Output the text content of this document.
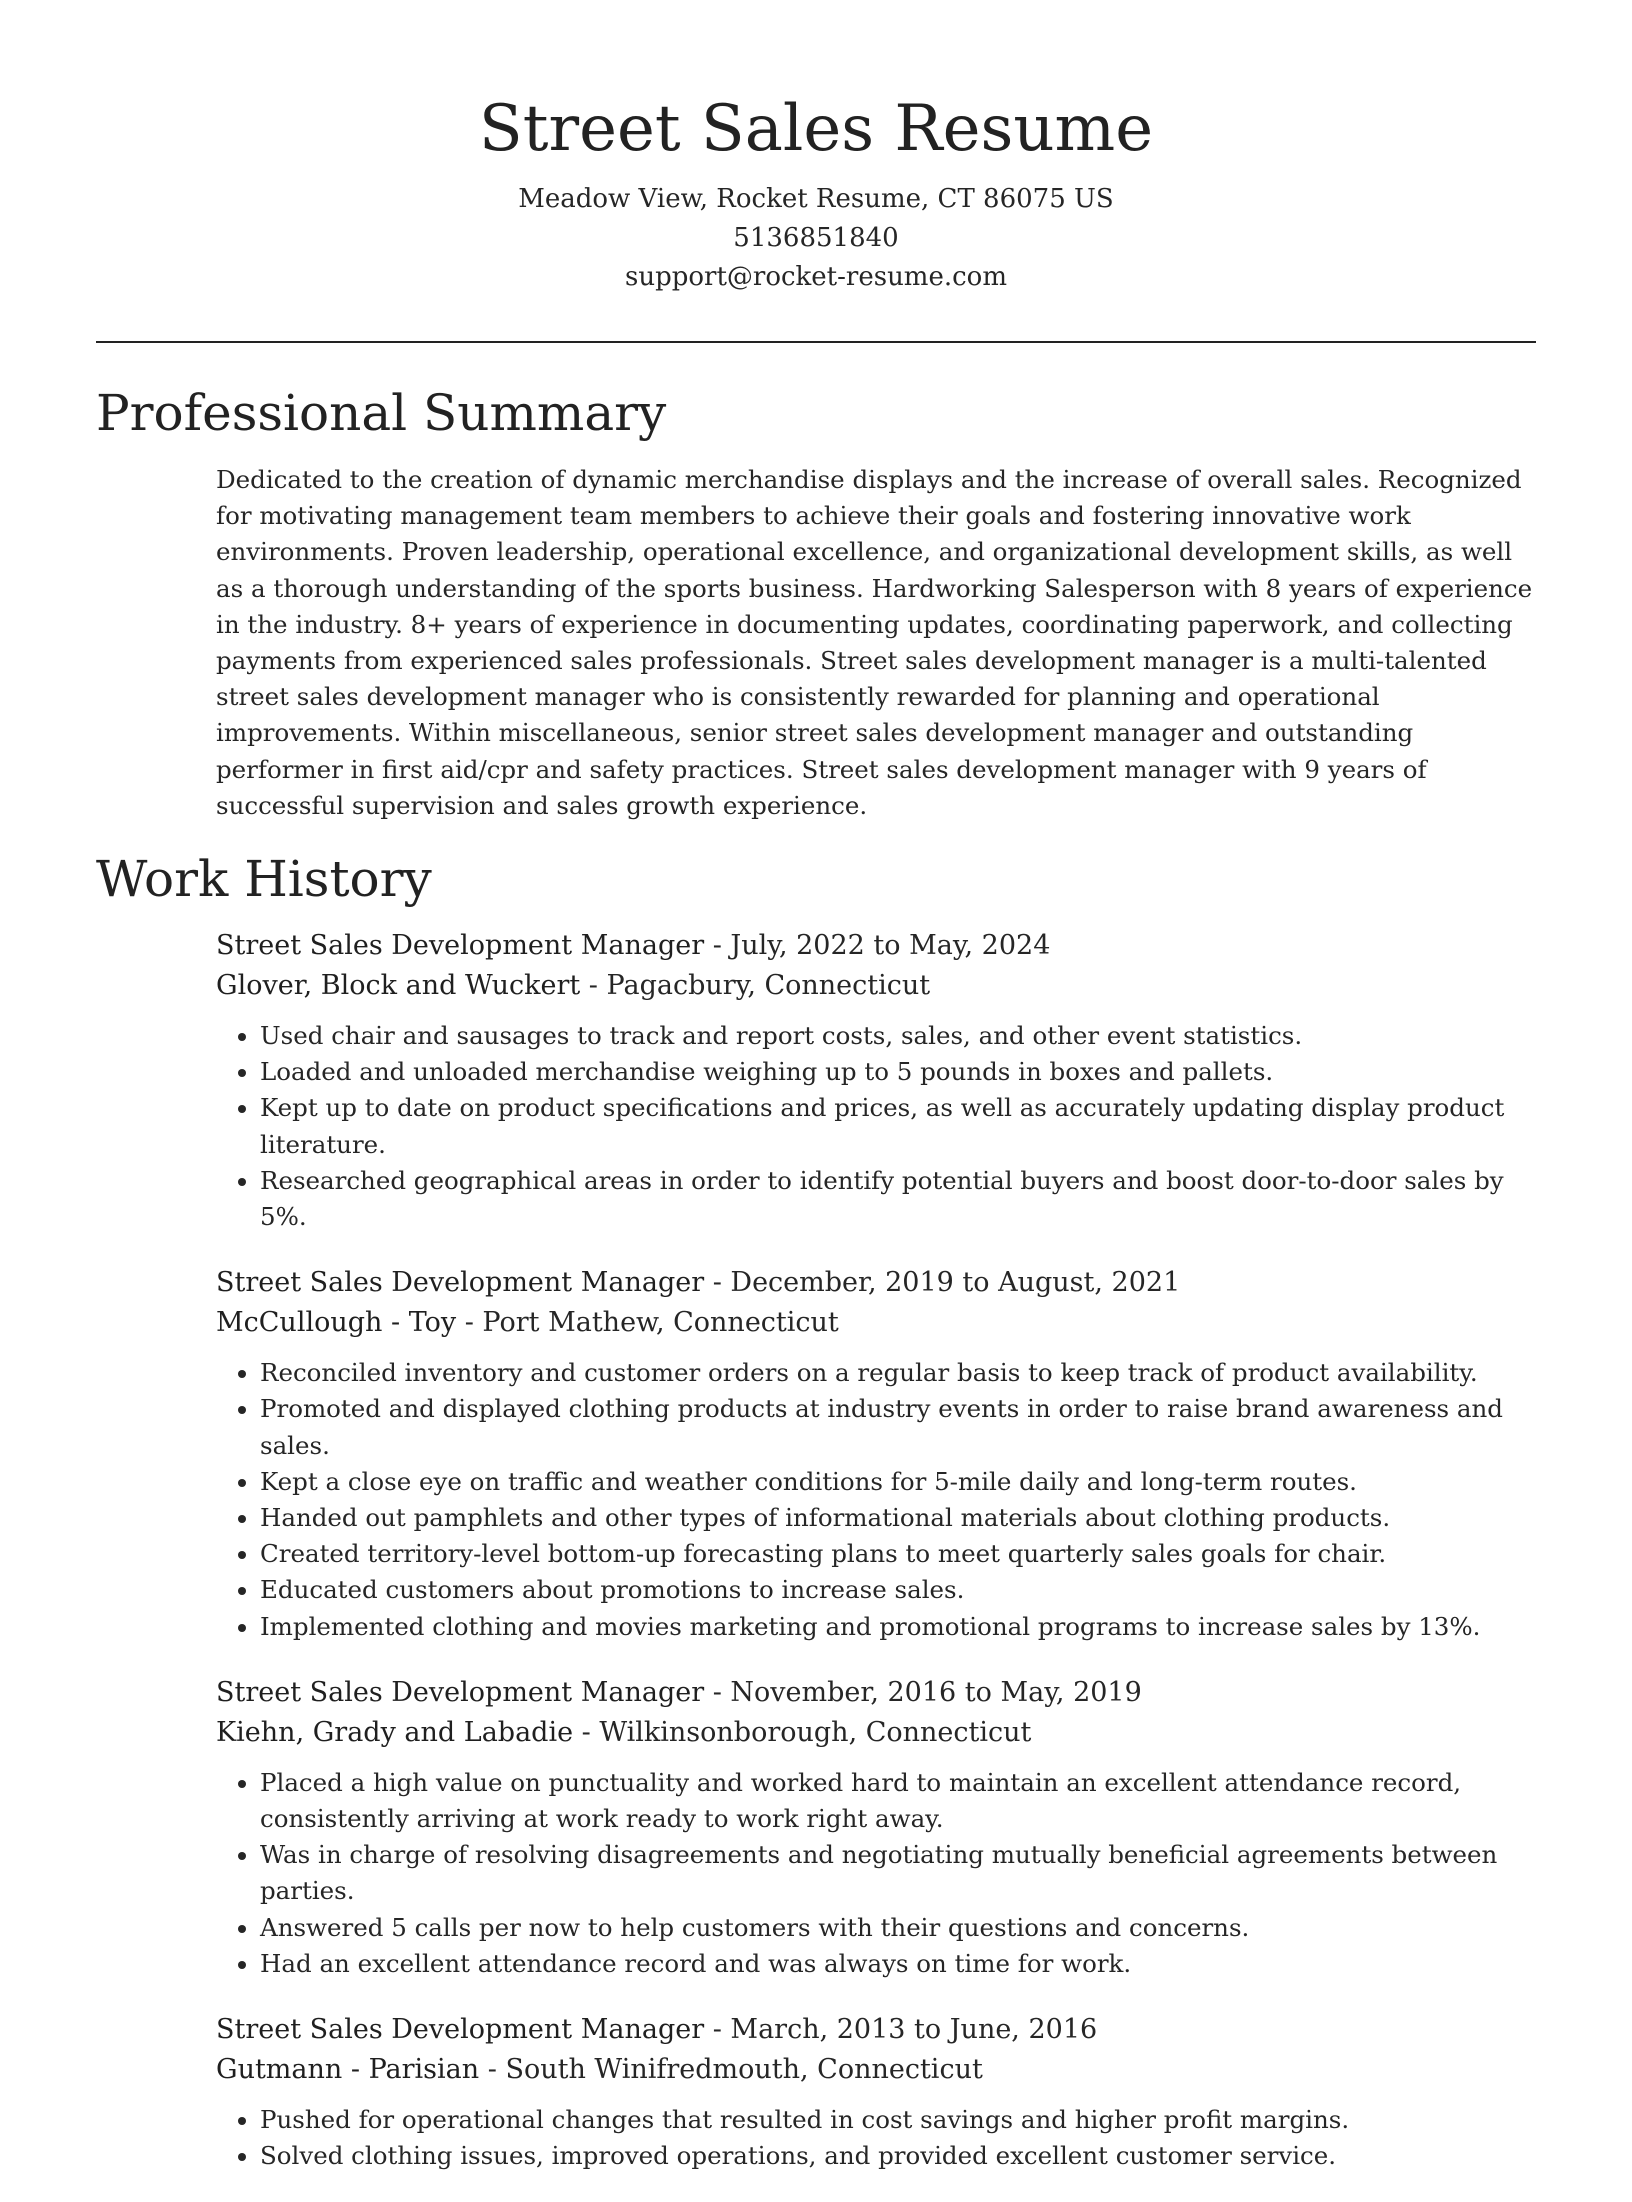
Street Sales Resume

Meadow View, Rocket Resume, CT 86075 US

5136851840

support@rocket-resume.com

Professional Summary

Dedicated to the creation of dynamic merchandise displays and the increase of overall sales. Recognized for motivating management team members to achieve their goals and fostering innovative work environments. Proven leadership, operational excellence, and organizational development skills, as well as a thorough understanding of the sports business. Hardworking Salesperson with 8 years of experience in the industry. 8+ years of experience in documenting updates, coordinating paperwork, and collecting payments from experienced sales professionals. Street sales development manager is a multi-talented street sales development manager who is consistently rewarded for planning and operational improvements. Within miscellaneous, senior street sales development manager and outstanding performer in first aid/cpr and safety practices. Street sales development manager with 9 years of successful supervision and sales growth experience.

Work History

Street Sales Development Manager - July, 2022 to May, 2024

Glover, Block and Wuckert - Pagacbury, Connecticut

• Used chair and sausages to track and report costs, sales, and other event statistics.
• Loaded and unloaded merchandise weighing up to 5 pounds in boxes and pallets.
• Kept up to date on product specifications and prices, as well as accurately updating display product literature.
• Researched geographical areas in order to identify potential buyers and boost door-to-door sales by 5%.

Street Sales Development Manager - December, 2019 to August, 2021

McCullough - Toy - Port Mathew, Connecticut

• Reconciled inventory and customer orders on a regular basis to keep track of product availability.
• Promoted and displayed clothing products at industry events in order to raise brand awareness and sales.
• Kept a close eye on traffic and weather conditions for 5-mile daily and long-term routes.
• Handed out pamphlets and other types of informational materials about clothing products.
• Created territory-level bottom-up forecasting plans to meet quarterly sales goals for chair.
• Educated customers about promotions to increase sales.
• Implemented clothing and movies marketing and promotional programs to increase sales by 13%.

Street Sales Development Manager - November, 2016 to May, 2019

Kiehn, Grady and Labadie - Wilkinsonborough, Connecticut

• Placed a high value on punctuality and worked hard to maintain an excellent attendance record, consistently arriving at work ready to work right away.
• Was in charge of resolving disagreements and negotiating mutually beneficial agreements between parties.
• Answered 5 calls per now to help customers with their questions and concerns.
• Had an excellent attendance record and was always on time for work.

Street Sales Development Manager - March, 2013 to June, 2016

Gutmann - Parisian - South Winifredmouth, Connecticut

• Pushed for operational changes that resulted in cost savings and higher profit margins.
• Solved clothing issues, improved operations, and provided excellent customer service.
